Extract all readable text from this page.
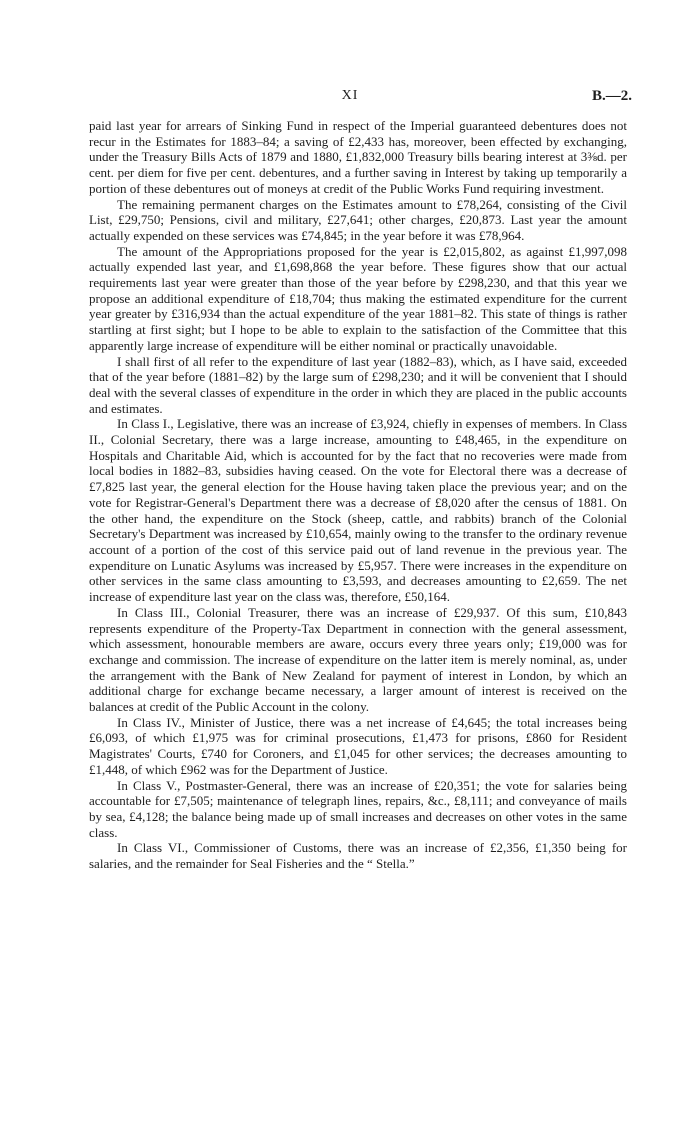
XI	B.—2.

paid last year for arrears of Sinking Fund in respect of the Imperial guaranteed debentures does not recur in the Estimates for 1883–84; a saving of £2,433 has, moreover, been effected by exchanging, under the Treasury Bills Acts of 1879 and 1880, £1,832,000 Treasury bills bearing interest at 3⅜d. per cent. per diem for five per cent. debentures, and a further saving in Interest by taking up temporarily a portion of these debentures out of moneys at credit of the Public Works Fund requiring investment.

The remaining permanent charges on the Estimates amount to £78,264, consisting of the Civil List, £29,750; Pensions, civil and military, £27,641; other charges, £20,873. Last year the amount actually expended on these services was £74,845; in the year before it was £78,964.

The amount of the Appropriations proposed for the year is £2,015,802, as against £1,997,098 actually expended last year, and £1,698,868 the year before. These figures show that our actual requirements last year were greater than those of the year before by £298,230, and that this year we propose an additional expenditure of £18,704; thus making the estimated expenditure for the current year greater by £316,934 than the actual expenditure of the year 1881–82. This state of things is rather startling at first sight; but I hope to be able to explain to the satisfaction of the Committee that this apparently large increase of expenditure will be either nominal or practically unavoidable.

I shall first of all refer to the expenditure of last year (1882–83), which, as I have said, exceeded that of the year before (1881–82) by the large sum of £298,230; and it will be convenient that I should deal with the several classes of expenditure in the order in which they are placed in the public accounts and estimates.

In Class I., Legislative, there was an increase of £3,924, chiefly in expenses of members. In Class II., Colonial Secretary, there was a large increase, amounting to £48,465, in the expenditure on Hospitals and Charitable Aid, which is accounted for by the fact that no recoveries were made from local bodies in 1882–83, subsidies having ceased. On the vote for Electoral there was a decrease of £7,825 last year, the general election for the House having taken place the previous year; and on the vote for Registrar-General's Department there was a decrease of £8,020 after the census of 1881. On the other hand, the expenditure on the Stock (sheep, cattle, and rabbits) branch of the Colonial Secretary's Department was increased by £10,654, mainly owing to the transfer to the ordinary revenue account of a portion of the cost of this service paid out of land revenue in the previous year. The expenditure on Lunatic Asylums was increased by £5,957. There were increases in the expenditure on other services in the same class amounting to £3,593, and decreases amounting to £2,659. The net increase of expenditure last year on the class was, therefore, £50,164.

In Class III., Colonial Treasurer, there was an increase of £29,937. Of this sum, £10,843 represents expenditure of the Property-Tax Department in connection with the general assessment, which assessment, honourable members are aware, occurs every three years only; £19,000 was for exchange and commission. The increase of expenditure on the latter item is merely nominal, as, under the arrangement with the Bank of New Zealand for payment of interest in London, by which an additional charge for exchange became necessary, a larger amount of interest is received on the balances at credit of the Public Account in the colony.

In Class IV., Minister of Justice, there was a net increase of £4,645; the total increases being £6,093, of which £1,975 was for criminal prosecutions, £1,473 for prisons, £860 for Resident Magistrates' Courts, £740 for Coroners, and £1,045 for other services; the decreases amounting to £1,448, of which £962 was for the Department of Justice.

In Class V., Postmaster-General, there was an increase of £20,351; the vote for salaries being accountable for £7,505; maintenance of telegraph lines, repairs, &c., £8,111; and conveyance of mails by sea, £4,128; the balance being made up of small increases and decreases on other votes in the same class.

In Class VI., Commissioner of Customs, there was an increase of £2,356, £1,350 being for salaries, and the remainder for Seal Fisheries and the “ Stella.”
